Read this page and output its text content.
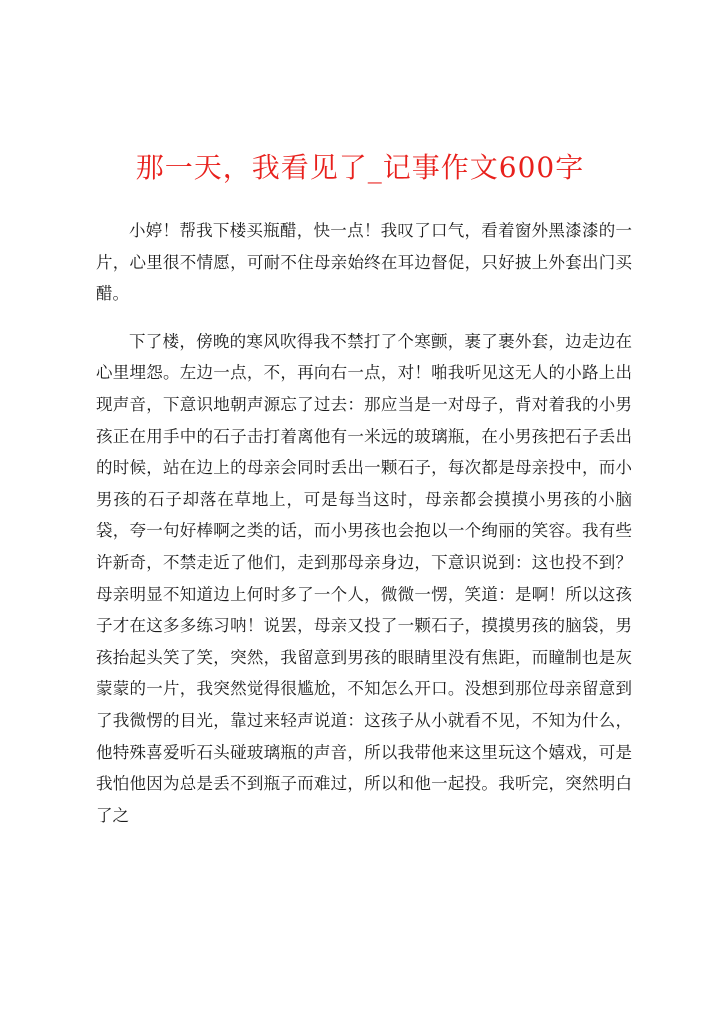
那一天，我看见了_记事作文600字

小婷！帮我下楼买瓶醋，快一点！我叹了口气，看着窗外黑漆漆的一片，心里很不情愿，可耐不住母亲始终在耳边督促，只好披上外套出门买醋。

下了楼，傍晚的寒风吹得我不禁打了个寒颤，裹了裹外套，边走边在心里埋怨。左边一点，不，再向右一点，对！啪我听见这无人的小路上出现声音，下意识地朝声源忘了过去：那应当是一对母子，背对着我的小男孩正在用手中的石子击打着离他有一米远的玻璃瓶，在小男孩把石子丢出的时候，站在边上的母亲会同时丢出一颗石子，每次都是母亲投中，而小男孩的石子却落在草地上，可是每当这时，母亲都会摸摸小男孩的小脑袋，夸一句好棒啊之类的话，而小男孩也会抱以一个绚丽的笑容。我有些许新奇，不禁走近了他们，走到那母亲身边，下意识说到：这也投不到？母亲明显不知道边上何时多了一个人，微微一愣，笑道：是啊！所以这孩子才在这多多练习呐！说罢，母亲又投了一颗石子，摸摸男孩的脑袋，男孩抬起头笑了笑，突然，我留意到男孩的眼睛里没有焦距，而瞳制也是灰蒙蒙的一片，我突然觉得很尴尬，不知怎么开口。没想到那位母亲留意到了我微愣的目光，靠过来轻声说道：这孩子从小就看不见，不知为什么，他特殊喜爱听石头碰玻璃瓶的声音，所以我带他来这里玩这个嬉戏，可是我怕他因为总是丢不到瓶子而难过，所以和他一起投。我听完，突然明白了之
